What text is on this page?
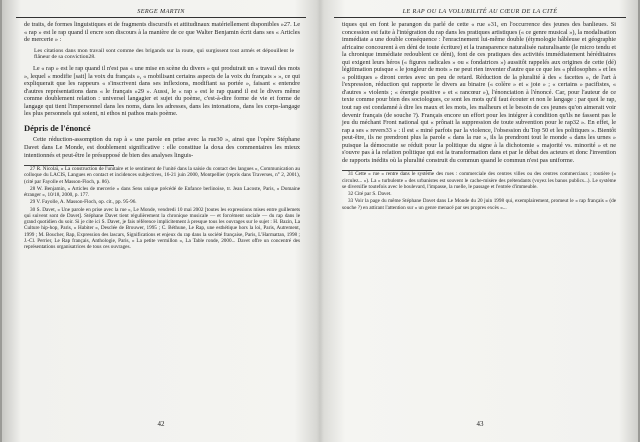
SERGE MARTIN

de traits, de formes linguistiques et de fragments discursifs et attitudinaux matériellement disponibles »27. Le « rap » est le rap quand il encre son discours à la manière de ce que Walter Benjamin écrit dans ses « Articles de mercerie » :

Les citations dans mon travail sont comme des brigands sur la route, qui surgissent tout armés et dépouillent le flâneur de sa conviction28.

Le « rap » est le rap quand il n'est pas « une mise en scène du divers » qui produirait un « travail des mots », lequel « modifie [sait] la voix du français », « mobilisant certains aspects de la voix du français » », ce qui expliquerait que les rappeurs « s'inscrivent dans ses inflexions, modifiant sa portée », faisant « entendre d'autres représentations dans « le français »29 ». Aussi, le « rap » est le rap quand il est le divers même comme doublement relation : universel langagier et sujet du poème, c'est-à-dire forme de vie et forme de langage qui tient l'impersonnel dans les noms, dans les adresses, dans les intonations, dans les corps-langage les plus personnels qui soient, ni ethos ni pathos mais poème.

Dépris de l'énoncé

Cette réduction-assomption du rap à « une parole en prise avec la rue30 », ainsi que l'opère Stéphane Davet dans Le Monde, est doublement significative : elle constitue la doxa des commentaires les mieux intentionnés et peut-être le présupposé de bien des analyses linguis-

27 R. Nicolaï, « La construction de l'unitaire et le sentiment de l'unité dans la saisie du contact des langues », Communication au colloque du LACIS, Langues en contact et incidences subjectives, 16-21 juin 2000, Montpellier (repris dans Traverses, n° 2, 2001), (cité par Fayolle et Masson-Floch, p. 86).

28 W. Benjamin, « Articles de mercerie » dans Sens unique précédé de Enfance berlinoise, tr. Jean Lacoste, Paris, « Domaine étranger », 10/18, 2000, p. 177.

29 V. Fayolle, A. Masson-Floch, op. cit., pp. 95-96.

30 S. Davet, « Une parole en prise avec la rue », Le Monde, vendredi 10 mai 2002 [toutes les expressions mises entre guillemets qui suivent sont de Davet]. Stéphane Davet tient régulièrement la chronique musicale — et forcément sociale — du rap dans le grand quotidien du soir. Si je cite ici S. Davet, je fais référence implicitement à presque tous les ouvrages sur le sujet : H. Bazin, La Culture hip-hop, Paris, « Habiter », Desclée de Brouwer, 1995 ; C. Béthune, Le Rap, une esthétique hors la loi, Paris, Autrement, 1999 ; M. Boucher, Rap, Expression des lascars, Significations et enjeux du rap dans la société française, Paris, L'Harmattan, 1998 ; J.-Cl. Perrier, Le Rap français, Anthologie, Paris, « La petite vermillon », La Table ronde, 2000... Davet offre un concentré des représentations organisatrices de tous ces ouvrages.

42
LE RAP OU LA VOLUBILITÉ AU CŒUR DE LA CITÉ

tiques qui en font le parangon du parlé de cette « rue »31, en l'occurrence des jeunes des banlieues. Si concession est faite à l'intégration du rap dans les pratiques artistiques (« ce genre musical »), la modalisation immédiate a une double conséquence : l'enracinement lui-même double (étymologie hâbleuse et géographie africaine concourent à en déni de toute écriture) et la transparence naturalisée naturalisante (le micro tendu et la chronique immédiate redoublent ce déni), font de ces pratiques des activités immédiatement héréditaires qui exigent leurs héros (« figures radicales » ou « fondatrices ») aussitôt rappelés aux origines de cette (dé) légitimation puisque « le jongleur de mots » ne peut rien inventer d'autre que ce que les « philosophes » et les « politiques » diront certes avec un peu de retard. Réduction de la pluralité à des « facettes », de l'art à l'expression, réduction qui rapporte le divers au binaire (« colère » et « joie » ; « certains » pacifistes, « d'autres » violents ; « énergie positive » et « rancœur »), l'énonciation à l'énoncé. Car, pour l'auteur de ce texte comme pour bien des sociologues, ce sont les mots qu'il faut écouter et non le langage : par quoi le rap, tout rap est condamné à dire les maux et les mots, les malheurs et le besoin de ces jeunes qu'on aimerait voir devenir français (de souche ?). Français encore un effort pour les intégrer à condition qu'ils ne fassent pas le jeu du méchant Front national qui « prônait la suppression de toute subvention pour le rap32 ». En effet, le rap a ses « revers33 » : il est « miné parfois par la violence, l'obsession du Top 50 et les politiques ». Bientôt peut-être, ils ne prendront plus la parole « dans la rue », ils la prendront tout le monde « dans les urnes » puisque la démocratie se réduit pour la politique du signe à la dichotomie « majorité vs. minorité » et ne s'ouvre pas à la relation politique qui est la transformation dans et par le débat des acteurs et donc l'invention de rapports inédits où la pluralité construit du commun quand le commun n'est pas uniforme.

31 Cette « rue » rentre dans le système des rues : commerciale des centres villes ou des centres commerciaux ; routière (« circulez... »). La « turbulente » des urbanistes est souvent le cache-misère des prétendants (voyez les banos publics...). Le système se diversifie toutefois avec le boulevard, l'impasse, la ruelle, le passage et l'entrée d'immeuble.

32 Cité par S. Davet.

33 Voir la page du même Stéphane Davet dans Le Monde du 20 juin 1998 qui, exemplairement, promeut le « rap français » (de souche ?) en attirant l'attention sur « un genre menacé par ses propres excès »...

43
